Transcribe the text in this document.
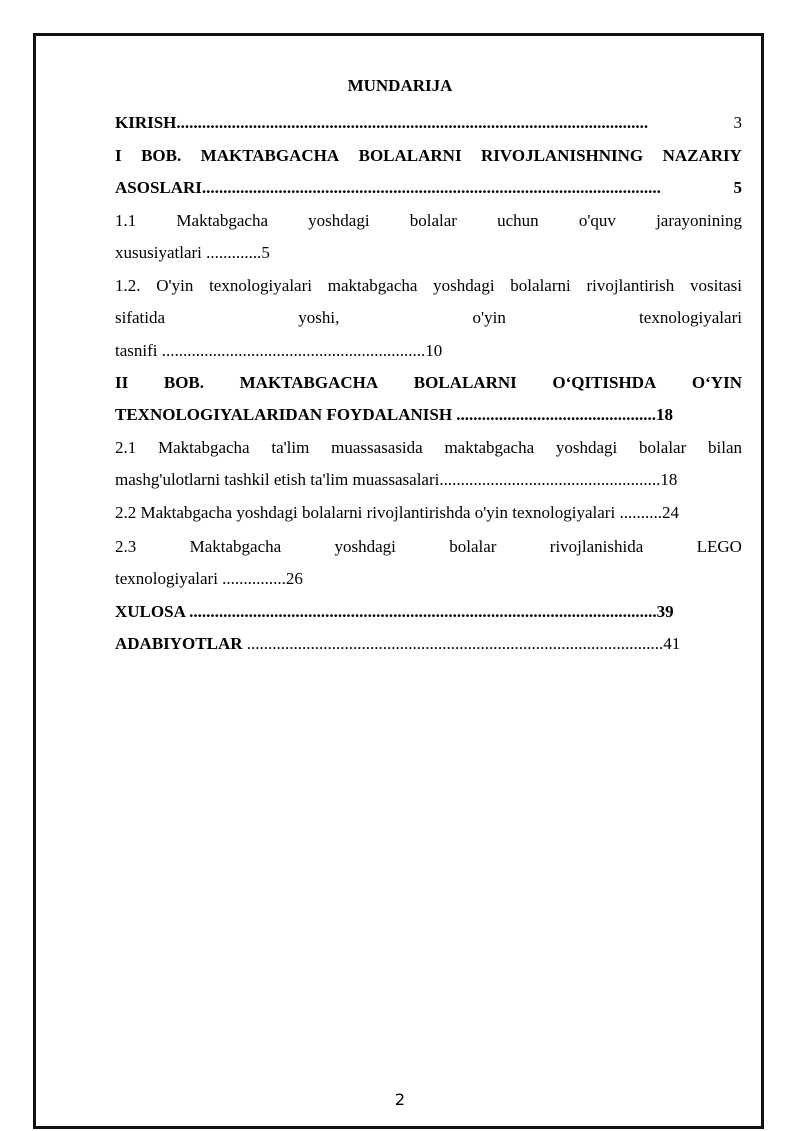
MUNDARIJA
KIRISH ...............................................................................................................	3
I BOB. MAKTABGACHA BOLALARNI RIVOJLANISHNING NAZARIY
ASOSLARI ............................................................................................................	5
1.1 Maktabgacha yoshdagi bolalar uchun o'quv jarayonining
xususiyatlari .............5
1.2. O'yin texnologiyalari maktabgacha yoshdagi bolalarni rivojlantirish vositasi
sifatida	yoshi,	o'yin	texnologiyalari
tasnifi ..............................................................10
II BOB. MAKTABGACHA BOLALARNI O‘QITISHDA O‘YIN
TEXNOLOGIYALARIDAN FOYDALANISH ...............................................18
2.1 Maktabgacha ta'lim muassasasida maktabgacha yoshdagi bolalar bilan
mashg'ulotlarni tashkil etish ta'lim muassasalari....................................................18
2.2 Maktabgacha yoshdagi bolalarni rivojlantirishda o'yin texnologiyalari ..........24
2.3	Maktabgacha	yoshdagi	bolalar	rivojlanishida	LEGO
texnologiyalari ...............26
XULOSA ..............................................................................................................39
ADABIYOTLAR ..................................................................................................41
2
